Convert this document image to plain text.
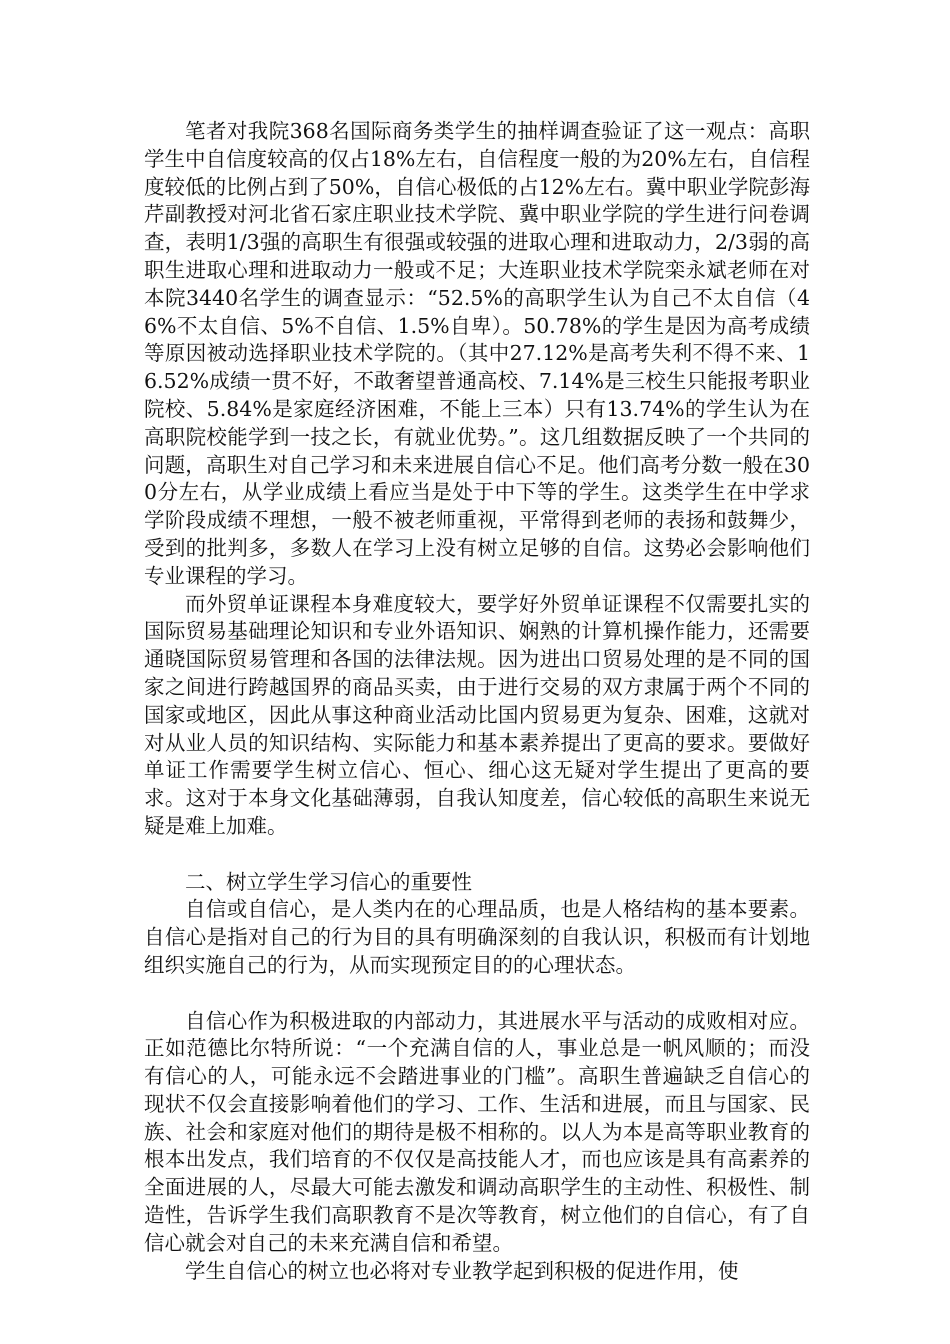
笔者对我院368名国际商务类学生的抽样调查验证了这一观点：高职学生中自信度较高的仅占18%左右，自信程度一般的为20%左右，自信程度较低的比例占到了50%，自信心极低的占12%左右。冀中职业学院彭海芹副教授对河北省石家庄职业技术学院、冀中职业学院的学生进行问卷调查，表明1/3强的高职生有很强或较强的进取心理和进取动力，2/3弱的高职生进取心理和进取动力一般或不足；大连职业技术学院栾永斌老师在对本院3440名学生的调查显示：“52.5%的高职学生认为自己不太自信（46%不太自信、5%不自信、1.5%自卑）。50.78%的学生是因为高考成绩等原因被动选择职业技术学院的。（其中27.12%是高考失利不得不来、16.52%成绩一贯不好，不敢奢望普通高校、7.14%是三校生只能报考职业院校、5.84%是家庭经济困难，不能上三本）只有13.74%的学生认为在高职院校能学到一技之长，有就业优势。”。这几组数据反映了一个共同的问题，高职生对自己学习和未来进展自信心不足。他们高考分数一般在300分左右，从学业成绩上看应当是处于中下等的学生。这类学生在中学求学阶段成绩不理想，一般不被老师重视，平常得到老师的表扬和鼓舞少，受到的批判多，多数人在学习上没有树立足够的自信。这势必会影响他们专业课程的学习。

而外贸单证课程本身难度较大，要学好外贸单证课程不仅需要扎实的国际贸易基础理论知识和专业外语知识、娴熟的计算机操作能力，还需要通晓国际贸易管理和各国的法律法规。因为进出口贸易处理的是不同的国家之间进行跨越国界的商品买卖，由于进行交易的双方隶属于两个不同的国家或地区，因此从事这种商业活动比国内贸易更为复杂、困难，这就对对从业人员的知识结构、实际能力和基本素养提出了更高的要求。要做好单证工作需要学生树立信心、恒心、细心这无疑对学生提出了更高的要求。这对于本身文化基础薄弱，自我认知度差，信心较低的高职生来说无疑是难上加难。

二、树立学生学习信心的重要性

自信或自信心，是人类内在的心理品质，也是人格结构的基本要素。自信心是指对自己的行为目的具有明确深刻的自我认识，积极而有计划地组织实施自己的行为，从而实现预定目的的心理状态。

自信心作为积极进取的内部动力，其进展水平与活动的成败相对应。正如范德比尔特所说：“一个充满自信的人，事业总是一帆风顺的；而没有信心的人，可能永远不会踏进事业的门槛”。高职生普遍缺乏自信心的现状不仅会直接影响着他们的学习、工作、生活和进展，而且与国家、民族、社会和家庭对他们的期待是极不相称的。以人为本是高等职业教育的根本出发点，我们培育的不仅仅是高技能人才，而也应该是具有高素养的全面进展的人，尽最大可能去激发和调动高职学生的主动性、积极性、制造性，告诉学生我们高职教育不是次等教育，树立他们的自信心，有了自信心就会对自己的未来充满自信和希望。

学生自信心的树立也必将对专业教学起到积极的促进作用，使
